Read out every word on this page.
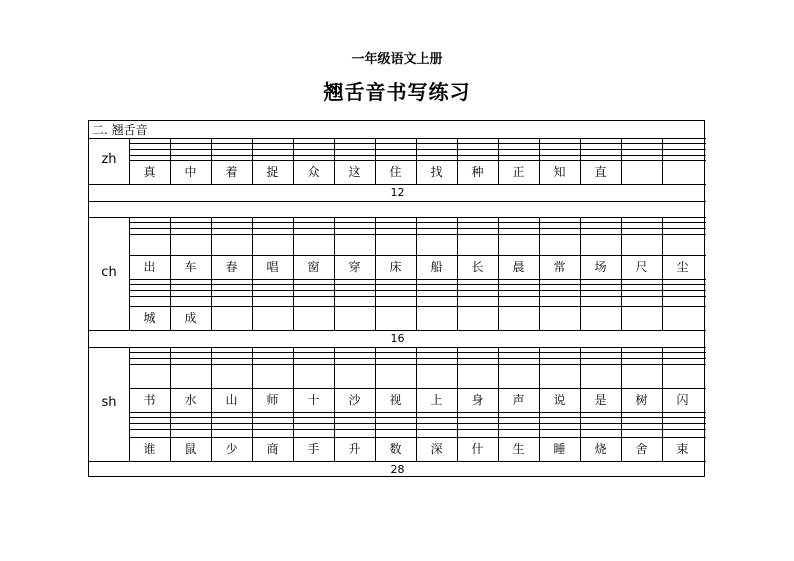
一年级语文上册
翘舌音书写练习
二. 翘舌音
zh
12
真	中	着	捉	众	这	住	找	种	正	知	直
ch
16
出	车	春	唱	窗	穿	床	船	长	晨	常	场	尺	尘
城	成
sh
28
书	水	山	师	十	沙	视	上	身	声	说	是	树	闪
谁	鼠	少	商	手	升	数	深	什	生	睡	烧	舍	束
